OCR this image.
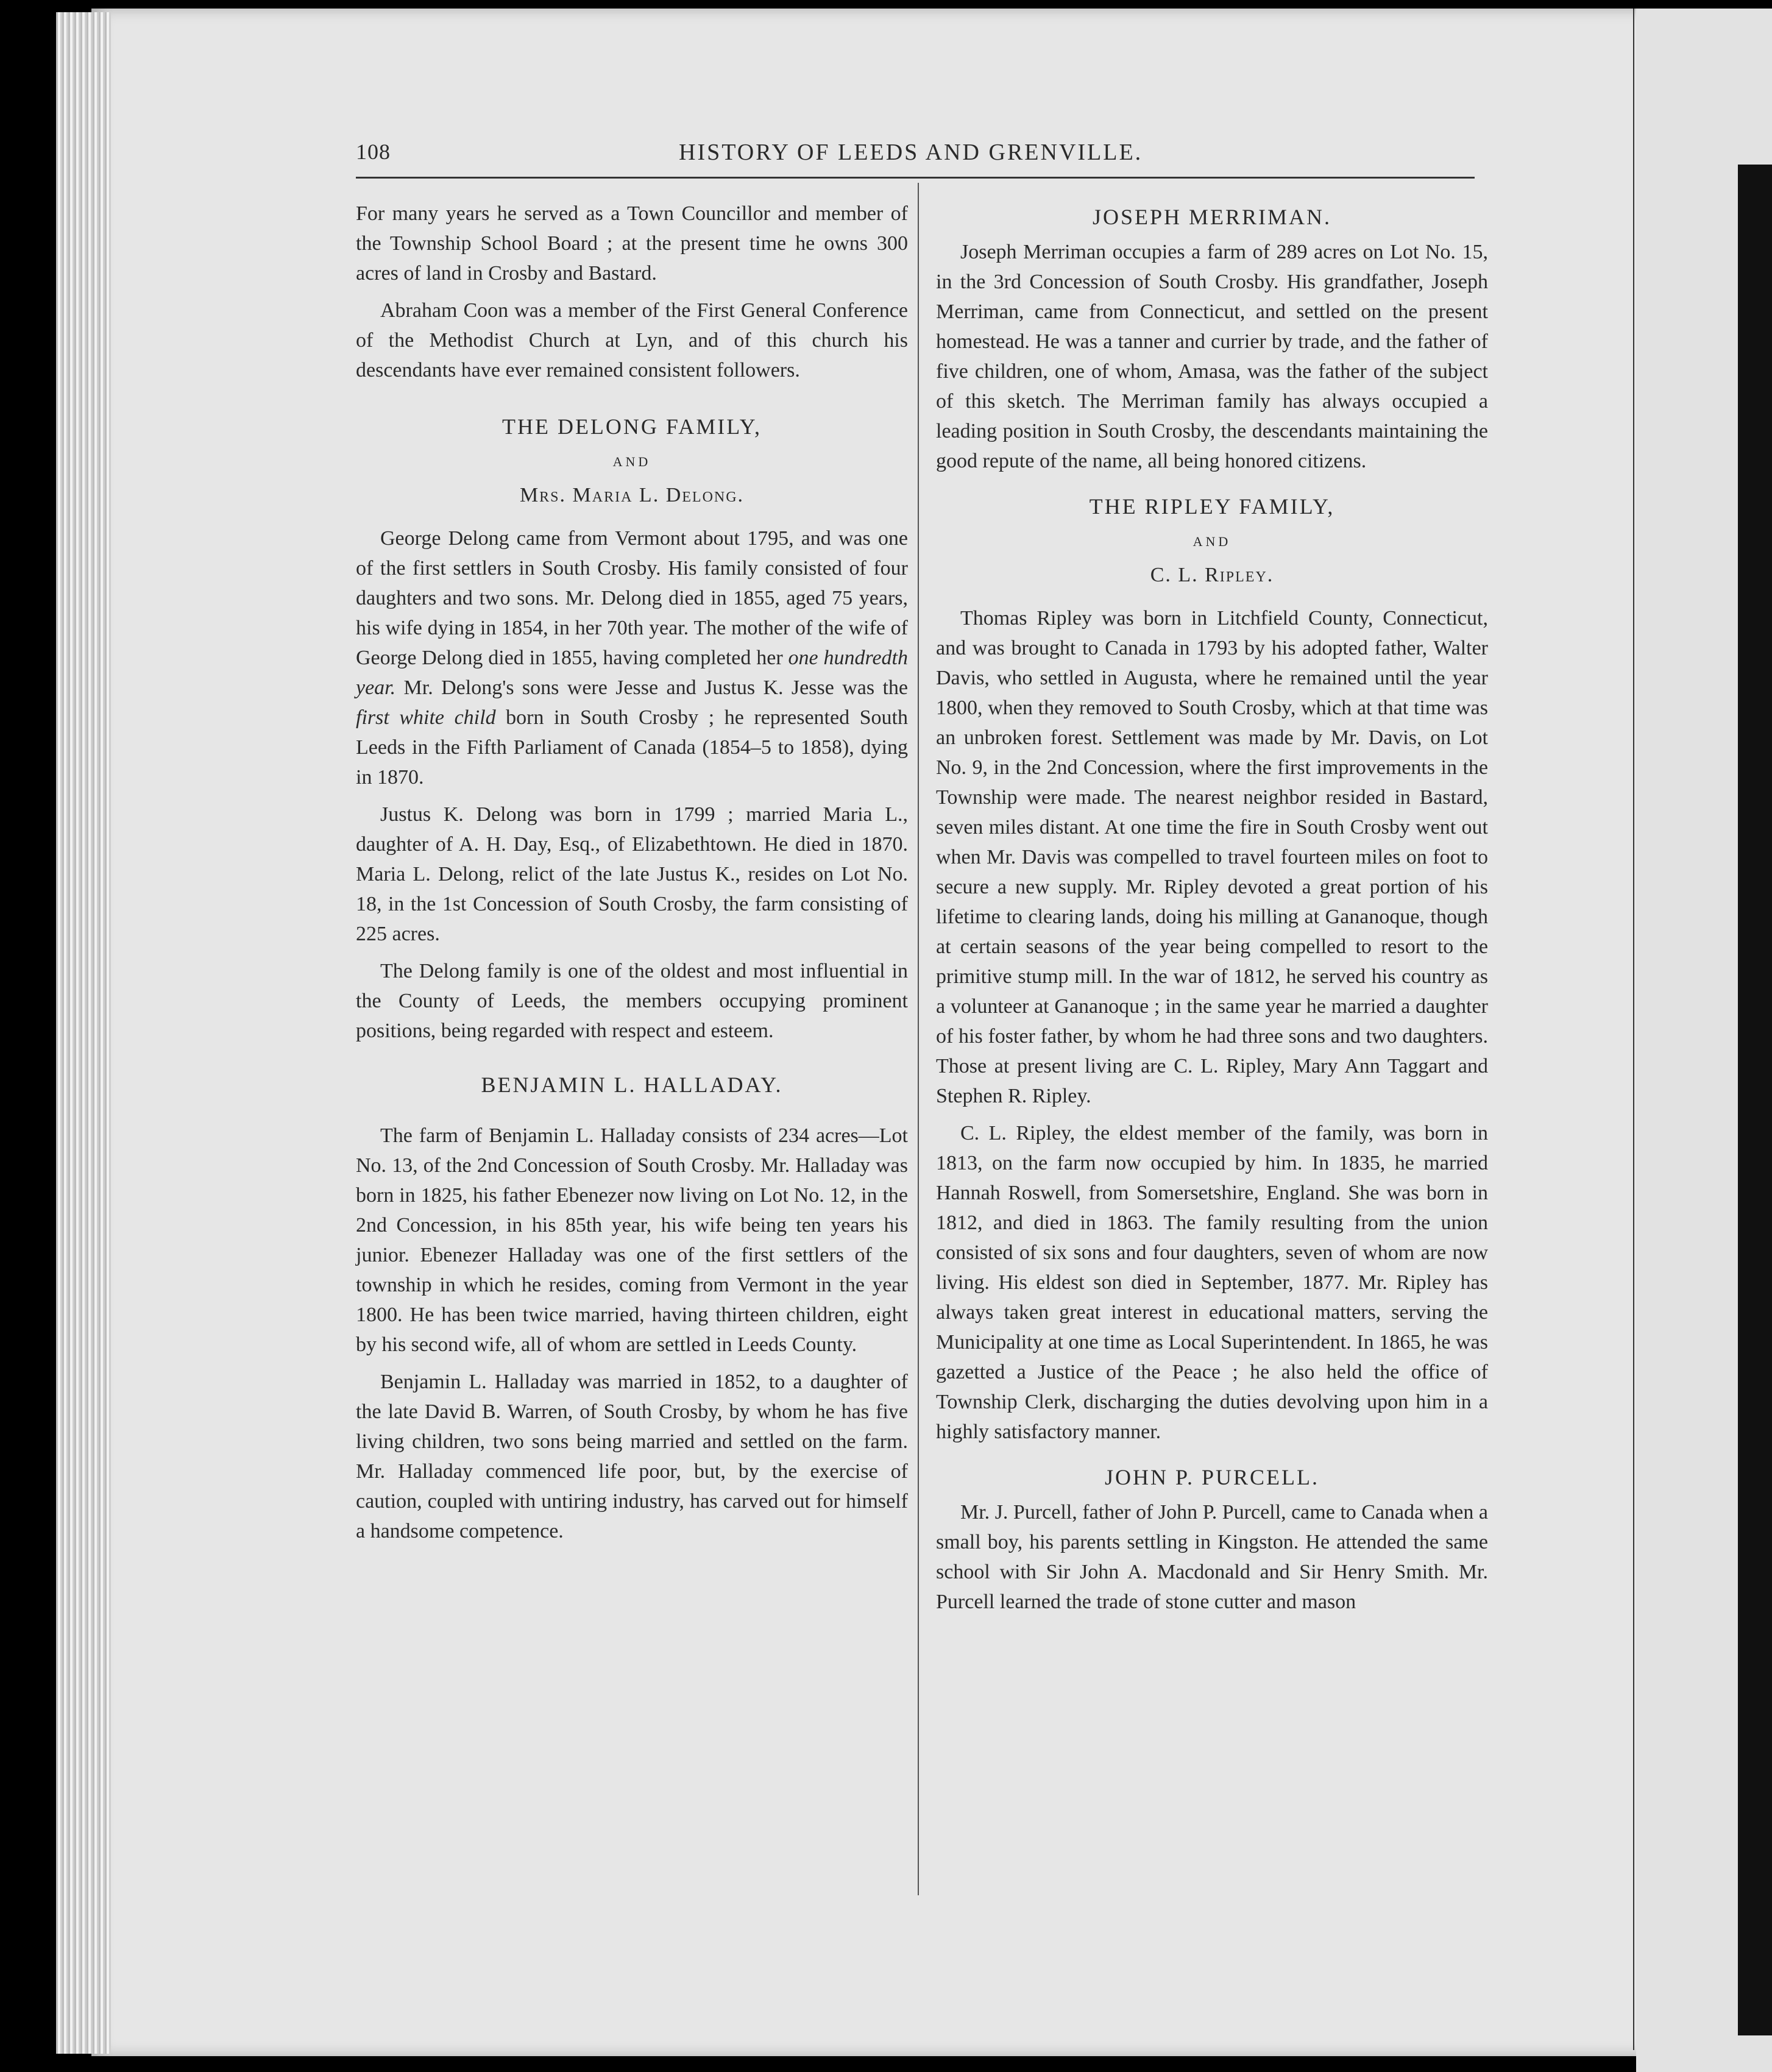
108	HISTORY OF LEEDS AND GRENVILLE.

For many years he served as a Town Councillor and member of the Township School Board ; at the present time he owns 300 acres of land in Crosby and Bastard.

Abraham Coon was a member of the First General Conference of the Methodist Church at Lyn, and of this church his descendants have ever remained consistent followers.

THE DELONG FAMILY,
AND
Mrs. Maria L. Delong.

George Delong came from Vermont about 1795, and was one of the first settlers in South Crosby. His family consisted of four daughters and two sons. Mr. Delong died in 1855, aged 75 years, his wife dying in 1854, in her 70th year. The mother of the wife of George Delong died in 1855, having completed her one hundredth year. Mr. Delong's sons were Jesse and Justus K. Jesse was the first white child born in South Crosby ; he represented South Leeds in the Fifth Parliament of Canada (1854–5 to 1858), dying in 1870.

Justus K. Delong was born in 1799 ; married Maria L., daughter of A. H. Day, Esq., of Elizabethtown. He died in 1870. Maria L. Delong, relict of the late Justus K., resides on Lot No. 18, in the 1st Concession of South Crosby, the farm consisting of 225 acres.

The Delong family is one of the oldest and most influential in the County of Leeds, the members occupying prominent positions, being regarded with respect and esteem.

BENJAMIN L. HALLADAY.

The farm of Benjamin L. Halladay consists of 234 acres—Lot No. 13, of the 2nd Concession of South Crosby. Mr. Halladay was born in 1825, his father Ebenezer now living on Lot No. 12, in the 2nd Concession, in his 85th year, his wife being ten years his junior. Ebenezer Halladay was one of the first settlers of the township in which he resides, coming from Vermont in the year 1800. He has been twice married, having thirteen children, eight by his second wife, all of whom are settled in Leeds County.

Benjamin L. Halladay was married in 1852, to a daughter of the late David B. Warren, of South Crosby, by whom he has five living children, two sons being married and settled on the farm. Mr. Halladay commenced life poor, but, by the exercise of caution, coupled with untiring industry, has carved out for himself a handsome competence.

JOSEPH MERRIMAN.

Joseph Merriman occupies a farm of 289 acres on Lot No. 15, in the 3rd Concession of South Crosby. His grandfather, Joseph Merriman, came from Connecticut, and settled on the present homestead. He was a tanner and currier by trade, and the father of five children, one of whom, Amasa, was the father of the subject of this sketch. The Merriman family has always occupied a leading position in South Crosby, the descendants maintaining the good repute of the name, all being honored citizens.

THE RIPLEY FAMILY,
AND
C. L. Ripley.

Thomas Ripley was born in Litchfield County, Connecticut, and was brought to Canada in 1793 by his adopted father, Walter Davis, who settled in Augusta, where he remained until the year 1800, when they removed to South Crosby, which at that time was an unbroken forest. Settlement was made by Mr. Davis, on Lot No. 9, in the 2nd Concession, where the first improvements in the Township were made. The nearest neighbor resided in Bastard, seven miles distant. At one time the fire in South Crosby went out when Mr. Davis was compelled to travel fourteen miles on foot to secure a new supply. Mr. Ripley devoted a great portion of his lifetime to clearing lands, doing his milling at Gananoque, though at certain seasons of the year being compelled to resort to the primitive stump mill. In the war of 1812, he served his country as a volunteer at Gananoque ; in the same year he married a daughter of his foster father, by whom he had three sons and two daughters. Those at present living are C. L. Ripley, Mary Ann Taggart and Stephen R. Ripley.

C. L. Ripley, the eldest member of the family, was born in 1813, on the farm now occupied by him. In 1835, he married Hannah Roswell, from Somersetshire, England. She was born in 1812, and died in 1863. The family resulting from the union consisted of six sons and four daughters, seven of whom are now living. His eldest son died in September, 1877. Mr. Ripley has always taken great interest in educational matters, serving the Municipality at one time as Local Superintendent. In 1865, he was gazetted a Justice of the Peace ; he also held the office of Township Clerk, discharging the duties devolving upon him in a highly satisfactory manner.

JOHN P. PURCELL.

Mr. J. Purcell, father of John P. Purcell, came to Canada when a small boy, his parents settling in Kingston. He attended the same school with Sir John A. Macdonald and Sir Henry Smith. Mr. Purcell learned the trade of stone cutter and mason
